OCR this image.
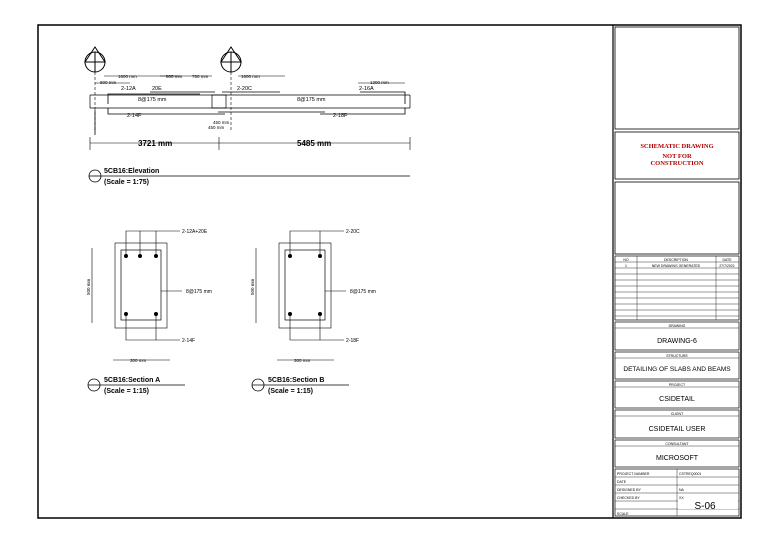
1600 mm
800 mm
800 mm 750 mm	1600 mm
1300 mm
2-12A	20E	2-20C	2-16A
8@175 mm	8@175 mm
2-14F	2-18F
450 mm
450 mm
3721 mm	5485 mm
5CB16:Elevation
(Scale = 1:75)
2-12A+20E
8@175 mm
2-14F
500 mm
300 mm
5CB16:Section A
(Scale = 1:15)
2-20C
8@175 mm
2-18F
500 mm
300 mm
5CB16:Section B
(Scale = 1:15)
SCHEMATIC DRAWING
NOT FOR
CONSTRUCTION
NO	DESCRIPTION	DATE
1	NEW DRAWING GENERATED	27/7/2021
DRAWING
DRAWING-6
STRUCTURE
DETAILING OF SLABS AND BEAMS
PROJECT
CSIDETAIL
CLIENT
CSIDETAIL USER
CONSULTANT
MICROSOFT
PROJECT NUMBER	CSTREQ0001
DATE
DESIGNED BY	NA
CHECKED BY	XX
SCALE
S-06
